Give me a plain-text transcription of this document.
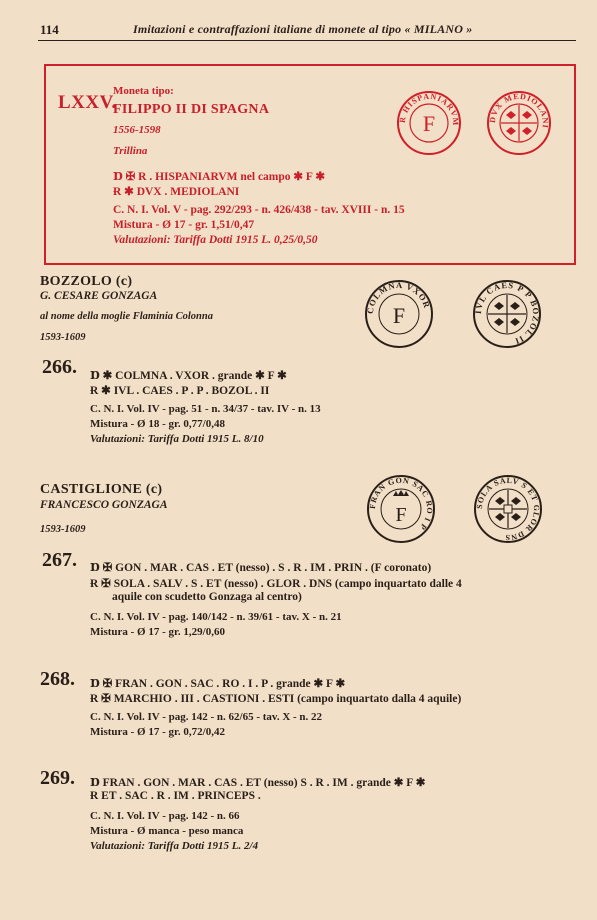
114	Imitazioni e contraffazioni italiane di monete al tipo « MILANO »
LXXV.
Moneta tipo:
FILIPPO II DI SPAGNA
1556-1598
Trillina
Ɒ ✠ R . HISPANIARVM nel campo ✱ F ✱
Ɍ ✱ DVX . MEDIOLANI
C. N. I. Vol. V - pag. 292/293 - n. 426/438 - tav. XVIII - n. 15
Mistura - Ø 17 - gr. 1,51/0,47
Valutazioni: Tariffa Dotti 1915 L. 0,25/0,50
R HISPANIARVM
F	DVX MEDIOLANI
BOZZOLO (c)
G. CESARE GONZAGA
al nome della moglie Flaminia Colonna
1593-1609
COLMNA VXOR
F	IVL CAES P P BOZOL II
266. Ɒ ✱ COLMNA . VXOR . grande ✱ F ✱
Ɍ ✱ IVL . CAES . P . P . BOZOL . II
C. N. I. Vol. IV - pag. 51 - n. 34/37 - tav. IV - n. 13
Mistura - Ø 18 - gr. 0,77/0,48
Valutazioni: Tariffa Dotti 1915 L. 8/10
CASTIGLIONE (c)
FRANCESCO GONZAGA
1593-1609
FRAN GON SAC RO I P
F	SOLA SALV S ET GLOR DNS
267. Ɒ ✠ GON . MAR . CAS . ET (nesso) . S . R . IM . PRIN . (F coronato)
Ɍ ✠ SOLA . SALV . S . ET (nesso) . GLOR . DNS (campo inquartato dalle 4
aquile con scudetto Gonzaga al centro)
C. N. I. Vol. IV - pag. 140/142 - n. 39/61 - tav. X - n. 21
Mistura - Ø 17 - gr. 1,29/0,60
268. Ɒ ✠ FRAN . GON . SAC . RO . I . P . grande ✱ F ✱
Ɍ ✠ MARCHIO . III . CASTIONI . ESTI (campo inquartato dalla 4 aquile)
C. N. I. Vol. IV - pag. 142 - n. 62/65 - tav. X - n. 22
Mistura - Ø 17 - gr. 0,72/0,42
269. Ɒ FRAN . GON . MAR . CAS . ET (nesso) S . R . IM . grande ✱ F ✱
Ɍ ET . SAC . R . IM . PRINCEPS .
C. N. I. Vol. IV - pag. 142 - n. 66
Mistura - Ø manca - peso manca
Valutazioni: Tariffa Dotti 1915 L. 2/4
